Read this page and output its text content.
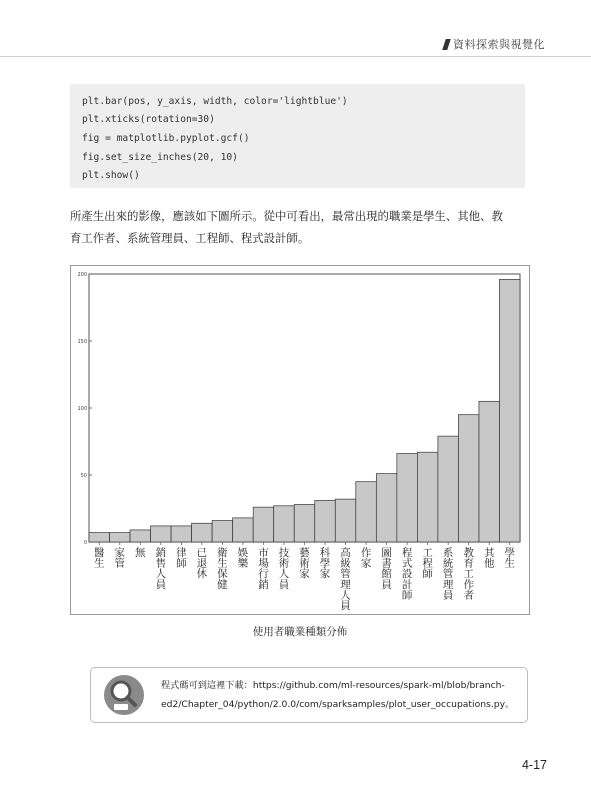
資料探索與視覺化
plt.bar(pos, y_axis, width, color='lightblue')
plt.xticks(rotation=30)
fig = matplotlib.pyplot.gcf()
fig.set_size_inches(20, 10)
plt.show()
所產生出來的影像，應該如下圖所示。從中可看出，最常出現的職業是學生、其他、教
育工作者、系統管理員、工程師、程式設計師。
0
50
100
150
200
醫生
家管
無 銷售人員
律師
已退休
衛生保健
娛樂
市場行銷
技術人員
藝術家
科學家
高級管理人員
作家
圖書館員
程式設計師
工程師
系統管理員
教育工作者
其他
學生
使用者職業種類分佈
程式碼可到這裡下載：https://github.com/ml-resources/spark-ml/blob/branch-
ed2/Chapter_04/python/2.0.0/com/sparksamples/plot_user_occupations.py。
4-17
